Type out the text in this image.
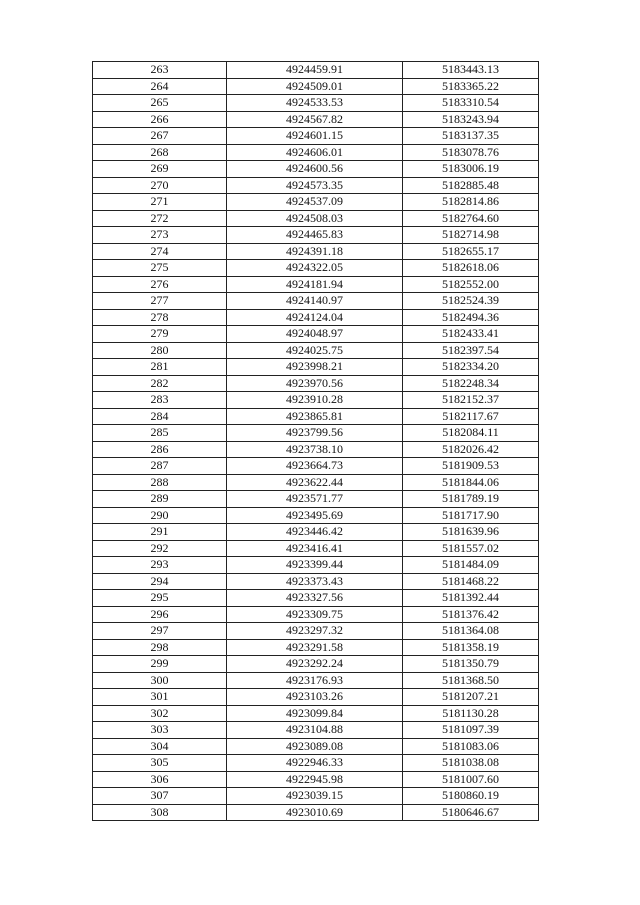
263	4924459.91	5183443.13
264	4924509.01	5183365.22
265	4924533.53	5183310.54
266	4924567.82	5183243.94
267	4924601.15	5183137.35
268	4924606.01	5183078.76
269	4924600.56	5183006.19
270	4924573.35	5182885.48
271	4924537.09	5182814.86
272	4924508.03	5182764.60
273	4924465.83	5182714.98
274	4924391.18	5182655.17
275	4924322.05	5182618.06
276	4924181.94	5182552.00
277	4924140.97	5182524.39
278	4924124.04	5182494.36
279	4924048.97	5182433.41
280	4924025.75	5182397.54
281	4923998.21	5182334.20
282	4923970.56	5182248.34
283	4923910.28	5182152.37
284	4923865.81	5182117.67
285	4923799.56	5182084.11
286	4923738.10	5182026.42
287	4923664.73	5181909.53
288	4923622.44	5181844.06
289	4923571.77	5181789.19
290	4923495.69	5181717.90
291	4923446.42	5181639.96
292	4923416.41	5181557.02
293	4923399.44	5181484.09
294	4923373.43	5181468.22
295	4923327.56	5181392.44
296	4923309.75	5181376.42
297	4923297.32	5181364.08
298	4923291.58	5181358.19
299	4923292.24	5181350.79
300	4923176.93	5181368.50
301	4923103.26	5181207.21
302	4923099.84	5181130.28
303	4923104.88	5181097.39
304	4923089.08	5181083.06
305	4922946.33	5181038.08
306	4922945.98	5181007.60
307	4923039.15	5180860.19
308	4923010.69	5180646.67
